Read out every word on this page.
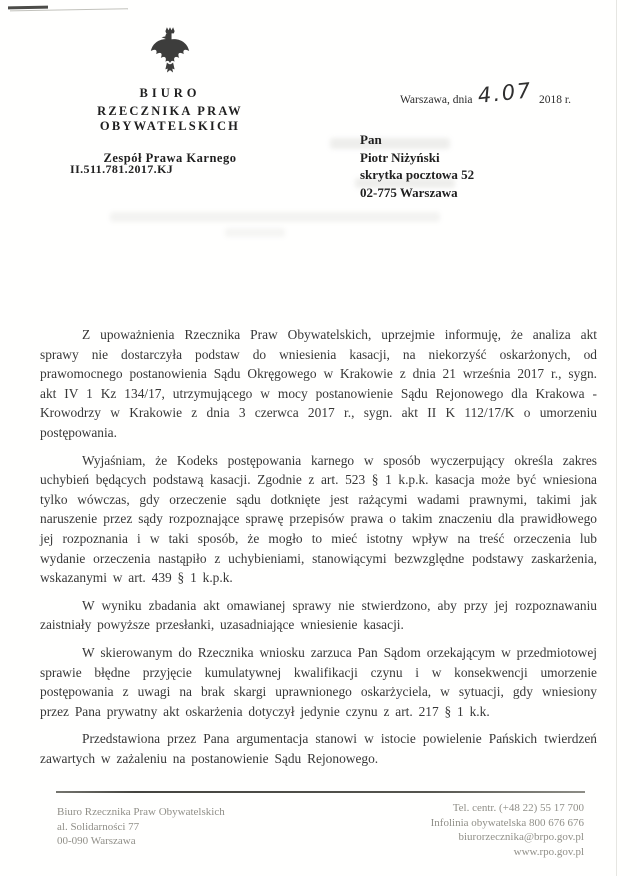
BIURO
RZECZNIKA PRAW OBYWATELSKICH
Zespół Prawa Karnego
Warszawa, dnia 4.07 2018 r.
II.511.781.2017.KJ
Pan
Piotr Niżyński
skrytka pocztowa 52
02-775 Warszawa

Z upoważnienia Rzecznika Praw Obywatelskich, uprzejmie informuję, że analiza akt sprawy nie dostarczyła podstaw do wniesienia kasacji, na niekorzyść oskarżonych, od prawomocnego postanowienia Sądu Okręgowego w Krakowie z dnia 21 września 2017 r., sygn. akt IV 1 Kz 134/17, utrzymującego w mocy postanowienie Sądu Rejonowego dla Krakowa - Krowodrzy w Krakowie z dnia 3 czerwca 2017 r., sygn. akt II K 112/17/K o umorzeniu postępowania.

Wyjaśniam, że Kodeks postępowania karnego w sposób wyczerpujący określa zakres uchybień będących podstawą kasacji. Zgodnie z art. 523 § 1 k.p.k. kasacja może być wniesiona tylko wówczas, gdy orzeczenie sądu dotknięte jest rażącymi wadami prawnymi, takimi jak naruszenie przez sądy rozpoznające sprawę przepisów prawa o takim znaczeniu dla prawidłowego jej rozpoznania i w taki sposób, że mogło to mieć istotny wpływ na treść orzeczenia lub wydanie orzeczenia nastąpiło z uchybieniami, stanowiącymi bezwzględne podstawy zaskarżenia, wskazanymi w art. 439 § 1 k.p.k.

W wyniku zbadania akt omawianej sprawy nie stwierdzono, aby przy jej rozpoznawaniu zaistniały powyższe przesłanki, uzasadniające wniesienie kasacji.

W skierowanym do Rzecznika wniosku zarzuca Pan Sądom orzekającym w przedmiotowej sprawie błędne przyjęcie kumulatywnej kwalifikacji czynu i w konsekwencji umorzenie postępowania z uwagi na brak skargi uprawnionego oskarżyciela, w sytuacji, gdy wniesiony przez Pana prywatny akt oskarżenia dotyczył jedynie czynu z art. 217 § 1 k.k.

Przedstawiona przez Pana argumentacja stanowi w istocie powielenie Pańskich twierdzeń zawartych w zażaleniu na postanowienie Sądu Rejonowego.

Biuro Rzecznika Praw Obywatelskich
al. Solidarności 77
00-090 Warszawa
Tel. centr. (+48 22) 55 17 700
Infolinia obywatelska 800 676 676
biurorzecznika@brpo.gov.pl
www.rpo.gov.pl
